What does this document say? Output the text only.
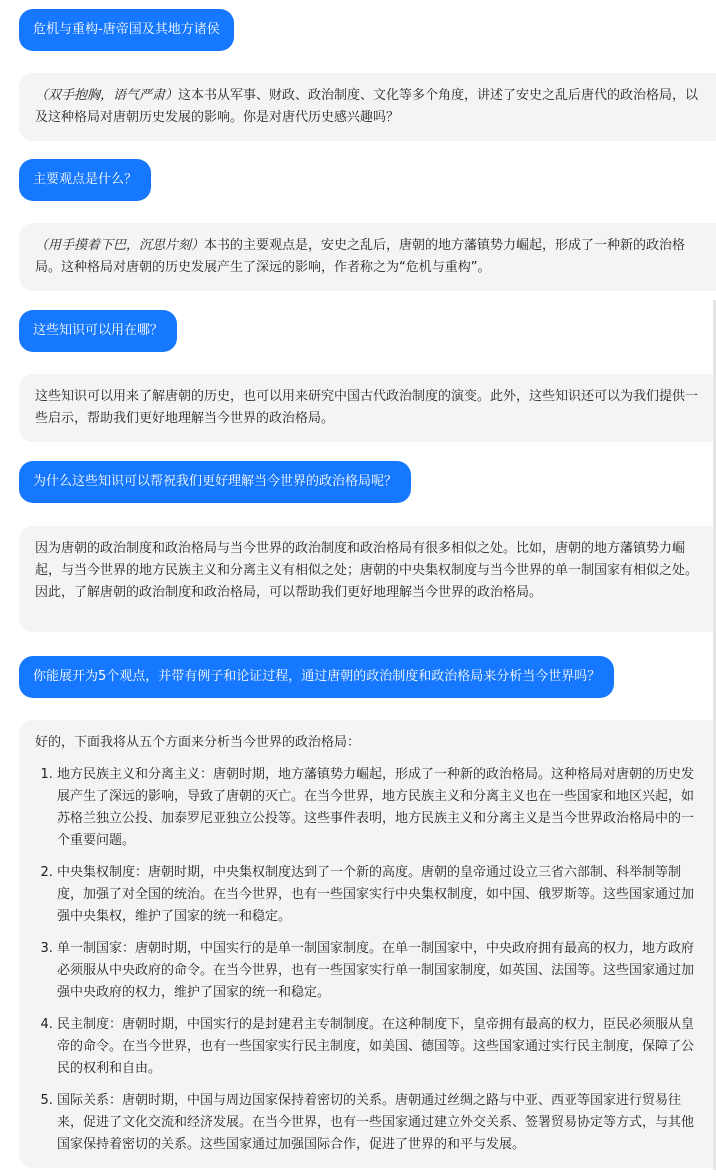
危机与重构-唐帝国及其地方诸侯

（双手抱胸，语气严肃）这本书从军事、财政、政治制度、文化等多个角度，讲述了安史之乱后唐代的政治格局，以及这种格局对唐朝历史发展的影响。你是对唐代历史感兴趣吗？

主要观点是什么？

（用手摸着下巴，沉思片刻）本书的主要观点是，安史之乱后，唐朝的地方藩镇势力崛起，形成了一种新的政治格局。这种格局对唐朝的历史发展产生了深远的影响，作者称之为“危机与重构”。

这些知识可以用在哪？

这些知识可以用来了解唐朝的历史，也可以用来研究中国古代政治制度的演变。此外，这些知识还可以为我们提供一些启示，帮助我们更好地理解当今世界的政治格局。

为什么这些知识可以帮祝我们更好理解当今世界的政治格局呢？

因为唐朝的政治制度和政治格局与当今世界的政治制度和政治格局有很多相似之处。比如，唐朝的地方藩镇势力崛起，与当今世界的地方民族主义和分离主义有相似之处；唐朝的中央集权制度与当今世界的单一制国家有相似之处。因此，了解唐朝的政治制度和政治格局，可以帮助我们更好地理解当今世界的政治格局。

你能展开为5个观点，并带有例子和论证过程，通过唐朝的政治制度和政治格局来分析当今世界吗？

好的，下面我将从五个方面来分析当今世界的政治格局：

1. 地方民族主义和分离主义：唐朝时期，地方藩镇势力崛起，形成了一种新的政治格局。这种格局对唐朝的历史发展产生了深远的影响，导致了唐朝的灭亡。在当今世界，地方民族主义和分离主义也在一些国家和地区兴起，如苏格兰独立公投、加泰罗尼亚独立公投等。这些事件表明，地方民族主义和分离主义是当今世界政治格局中的一个重要问题。
2. 中央集权制度：唐朝时期，中央集权制度达到了一个新的高度。唐朝的皇帝通过设立三省六部制、科举制等制度，加强了对全国的统治。在当今世界，也有一些国家实行中央集权制度，如中国、俄罗斯等。这些国家通过加强中央集权，维护了国家的统一和稳定。
3. 单一制国家：唐朝时期，中国实行的是单一制国家制度。在单一制国家中，中央政府拥有最高的权力，地方政府必须服从中央政府的命令。在当今世界，也有一些国家实行单一制国家制度，如英国、法国等。这些国家通过加强中央政府的权力，维护了国家的统一和稳定。
4. 民主制度：唐朝时期，中国实行的是封建君主专制制度。在这种制度下，皇帝拥有最高的权力，臣民必须服从皇帝的命令。在当今世界，也有一些国家实行民主制度，如美国、德国等。这些国家通过实行民主制度，保障了公民的权利和自由。
5. 国际关系：唐朝时期，中国与周边国家保持着密切的关系。唐朝通过丝绸之路与中亚、西亚等国家进行贸易往来，促进了文化交流和经济发展。在当今世界，也有一些国家通过建立外交关系、签署贸易协定等方式，与其他国家保持着密切的关系。这些国家通过加强国际合作，促进了世界的和平与发展。
